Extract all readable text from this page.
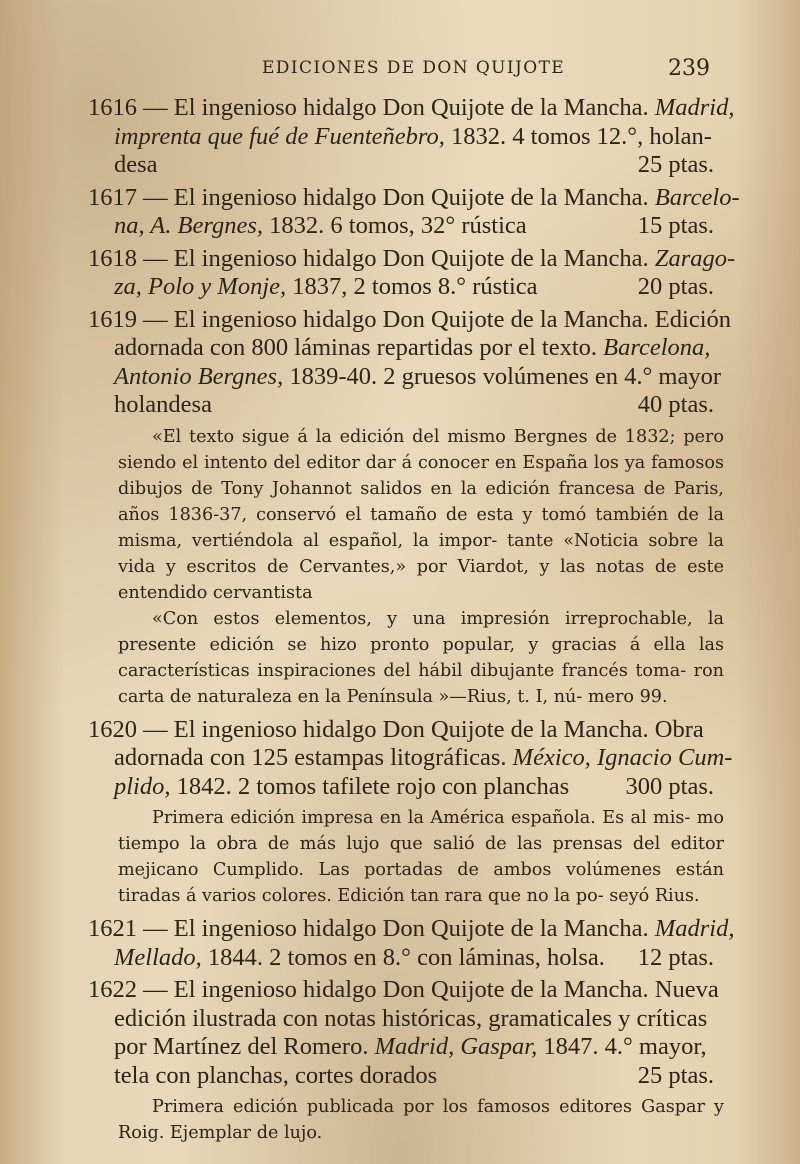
EDICIONES DE DON QUIJOTE	239
1616 — El ingenioso hidalgo Don Quijote de la Mancha. Madrid,
imprenta que fué de Fuenteñebro, 1832. 4 tomos 12.°, holan-
desa	25 ptas.
1617 — El ingenioso hidalgo Don Quijote de la Mancha. Barcelo-
na, A. Bergnes, 1832. 6 tomos, 32° rústica	15 ptas.
1618 — El ingenioso hidalgo Don Quijote de la Mancha. Zarago-
za, Polo y Monje, 1837, 2 tomos 8.° rústica	20 ptas.
1619 — El ingenioso hidalgo Don Quijote de la Mancha. Edición
adornada con 800 láminas repartidas por el texto. Barcelona,
Antonio Bergnes, 1839-40. 2 gruesos volúmenes en 4.° mayor
holandesa	40 ptas.

«El texto sigue á la edición del mismo Bergnes de 1832; pero siendo el intento del editor dar á conocer en España los ya famosos dibujos de Tony Johannot salidos en la edición francesa de Paris, años 1836-37, conservó el tamaño de esta y tomó también de la misma, vertiéndola al español, la impor- tante «Noticia sobre la vida y escritos de Cervantes,» por Viardot, y las notas de este entendido cervantista

«Con estos elementos, y una impresión irreprochable, la presente edición se hizo pronto popular, y gracias á ella las características inspiraciones del hábil dibujante francés toma- ron carta de naturaleza en la Península »—Rius, t. I, nú- mero 99.

1620 — El ingenioso hidalgo Don Quijote de la Mancha. Obra
adornada con 125 estampas litográficas. México, Ignacio Cum-
plido, 1842. 2 tomos tafilete rojo con planchas 300 ptas.

Primera edición impresa en la América española. Es al mis- mo tiempo la obra de más lujo que salió de las prensas del editor mejicano Cumplido. Las portadas de ambos volúmenes están tiradas á varios colores. Edición tan rara que no la po- seyó Rius.

1621 — El ingenioso hidalgo Don Quijote de la Mancha. Madrid,
Mellado, 1844. 2 tomos en 8.° con láminas, holsa. 12 ptas.
1622 — El ingenioso hidalgo Don Quijote de la Mancha. Nueva
edición ilustrada con notas históricas, gramaticales y críticas
por Martínez del Romero. Madrid, Gaspar, 1847. 4.° mayor,
tela con planchas, cortes dorados	25 ptas.

Primera edición publicada por los famosos editores Gaspar y Roig. Ejemplar de lujo.
